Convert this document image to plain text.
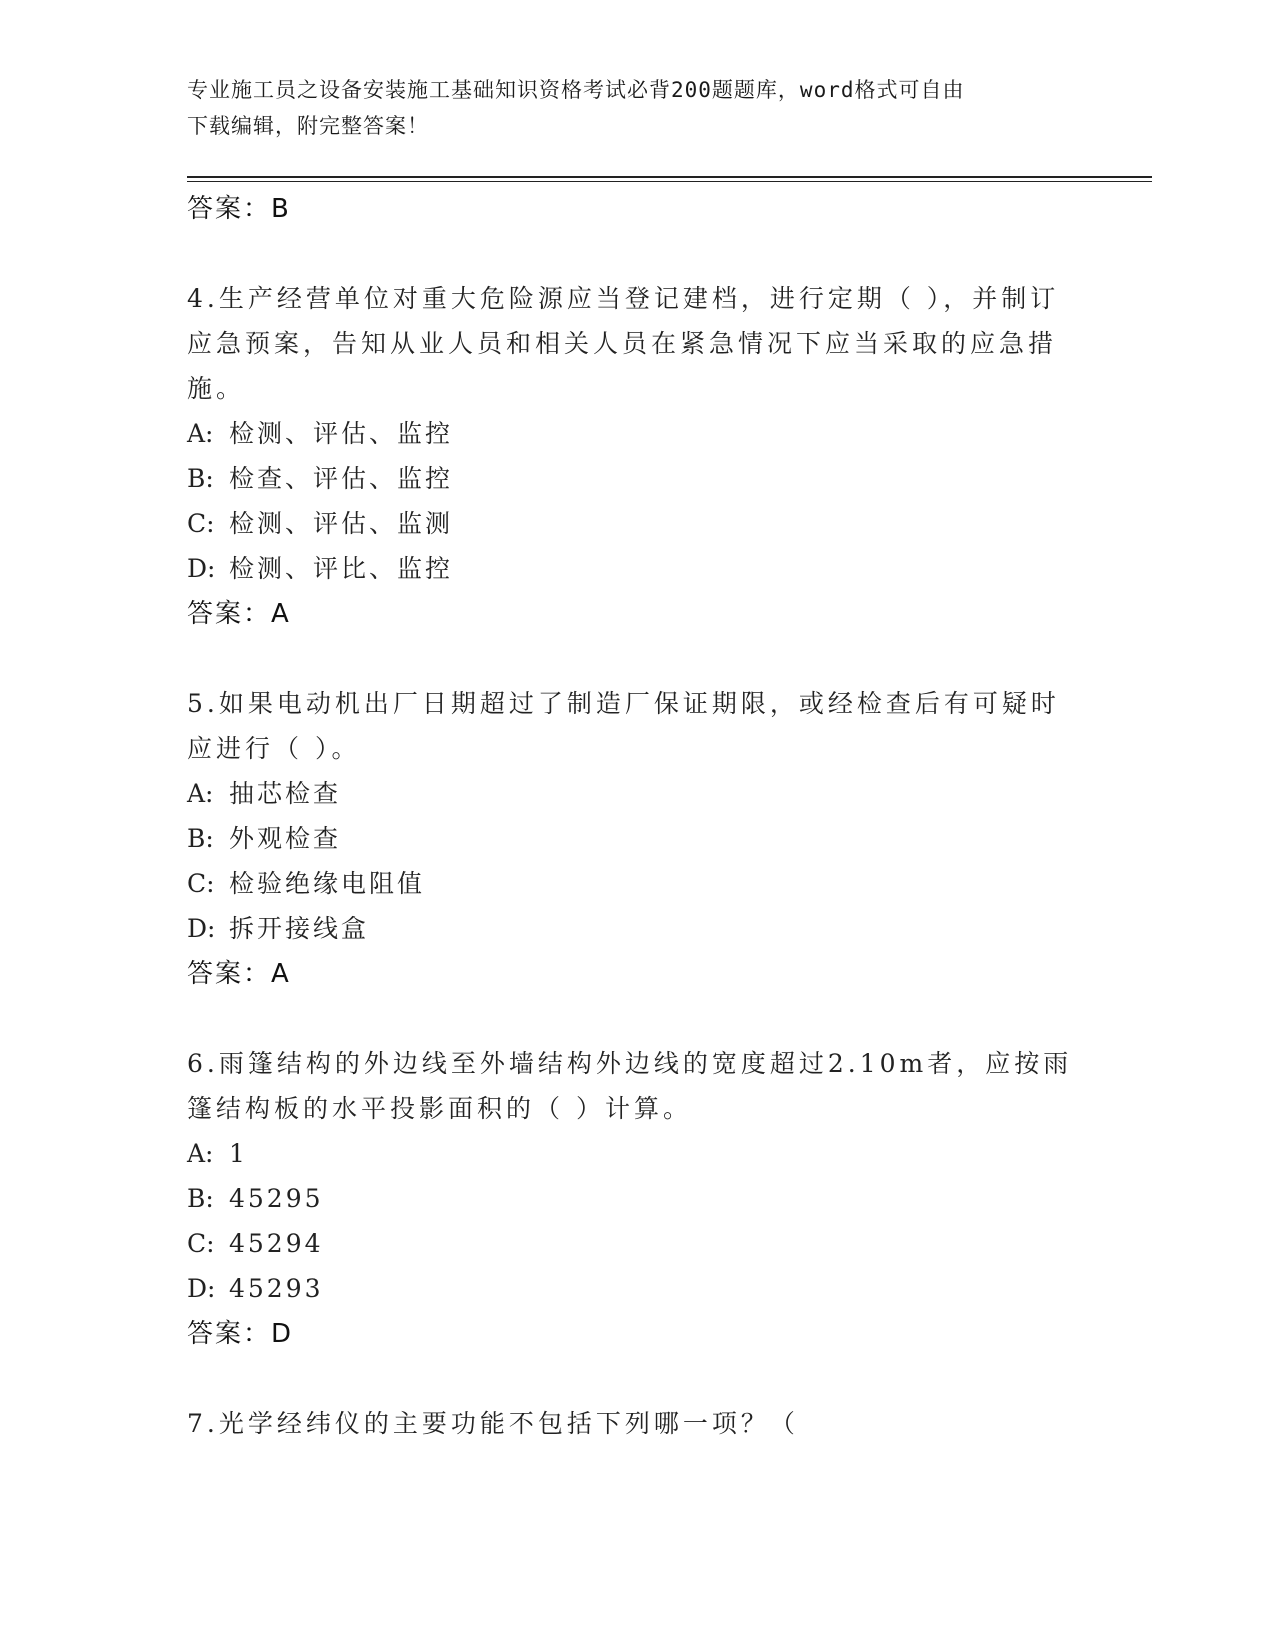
专业施工员之设备安装施工基础知识资格考试必背200题题库，word格式可自由
下载编辑，附完整答案！
答案：B
4.生产经营单位对重大危险源应当登记建档，进行定期（ ），并制订应急预案，告知从业人员和相关人员在紧急情况下应当采取的应急措施。
A: 检测、评估、监控
B: 检查、评估、监控
C: 检测、评估、监测
D: 检测、评比、监控
答案：A
5.如果电动机出厂日期超过了制造厂保证期限，或经检查后有可疑时应进行（ ）。
A: 抽芯检查
B: 外观检查
C: 检验绝缘电阻值
D: 拆开接线盒
答案：A
6.雨篷结构的外边线至外墙结构外边线的宽度超过2.10m者，应按雨篷结构板的水平投影面积的（ ）计算。
A: 1
B: 45295
C: 45294
D: 45293
答案：D
7.光学经纬仪的主要功能不包括下列哪一项？（
